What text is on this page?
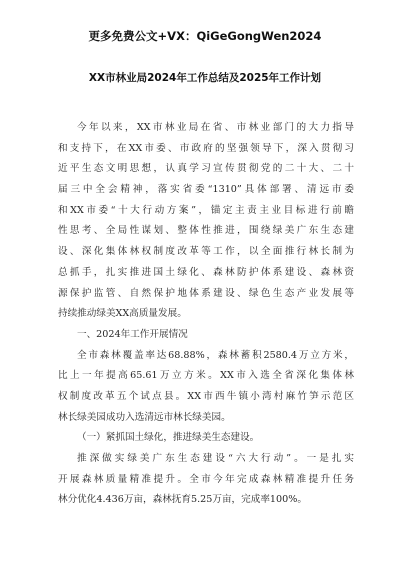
更多免费公文+VX：QiGeGongWen2024
XX市林业局2024年工作总结及2025年工作计划
今年以来，XX市林业局在省、市林业部门的大力指导
和支持下，在XX市委、市政府的坚强领导下，深入贯彻习
近平生态文明思想，认真学习宣传贯彻党的二十大、二十
届三中全会精神，落实省委“1310”具体部署、清远市委
和XX市委“十大行动方案”，锚定主责主业目标进行前瞻
性思考、全局性谋划、整体性推进，围绕绿美广东生态建
设、深化集体林权制度改革等工作，以全面推行林长制为
总抓手，扎实推进国土绿化、森林防护体系建设、森林资
源保护监管、自然保护地体系建设、绿色生态产业发展等
持续推动绿美XX高质量发展。
一、2024年工作开展情况
全市森林覆盖率达68.88%，森林蓄积2580.4万立方米，
比上一年提高65.61万立方米。XX市入选全省深化集体林
权制度改革五个试点县。XX市西牛镇小湾村麻竹笋示范区
林长绿美园成功入选清远市林长绿美园。
（一）紧抓国土绿化，推进绿美生态建设。
推深做实绿美广东生态建设“六大行动”。一是扎实
开展森林质量精准提升。全市今年完成森林精准提升任务
林分优化4.436万亩，森林抚育5.25万亩，完成率100%。
